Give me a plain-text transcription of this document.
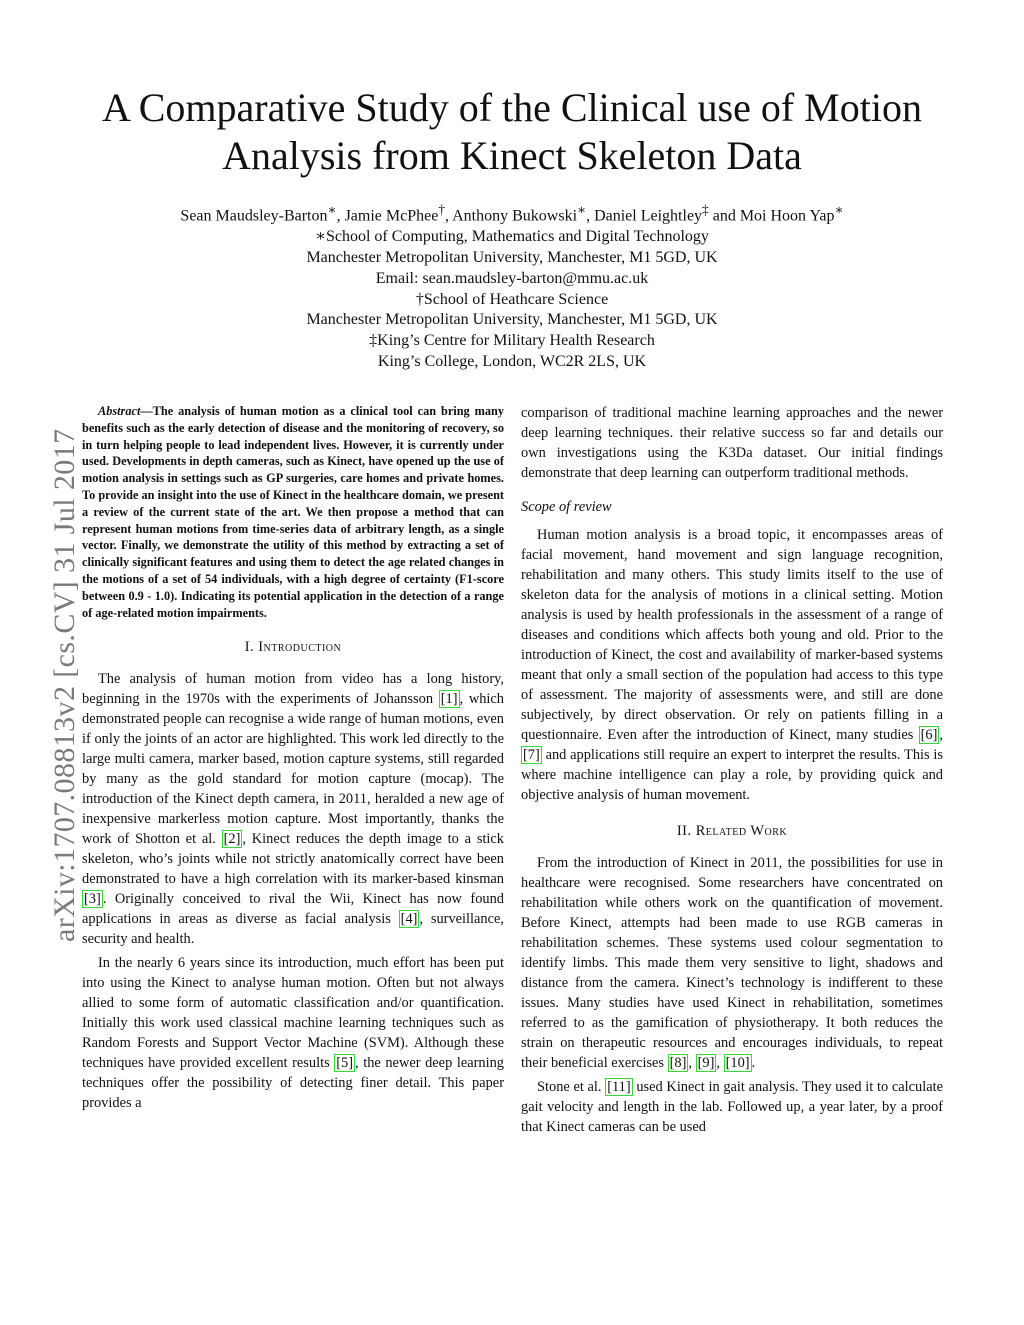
A Comparative Study of the Clinical use of Motion
Analysis from Kinect Skeleton Data
Sean Maudsley-Barton∗, Jamie McPhee†, Anthony Bukowski∗, Daniel Leightley‡ and Moi Hoon Yap∗
∗School of Computing, Mathematics and Digital Technology
Manchester Metropolitan University, Manchester, M1 5GD, UK
Email: sean.maudsley-barton@mmu.ac.uk
†School of Heathcare Science
Manchester Metropolitan University, Manchester, M1 5GD, UK
‡King’s Centre for Military Health Research
King’s College, London, WC2R 2LS, UK
arXiv:1707.08813v2 [cs.CV] 31 Jul 2017

Abstract—The analysis of human motion as a clinical tool can bring many benefits such as the early detection of disease and the monitoring of recovery, so in turn helping people to lead independent lives. However, it is currently under used. Developments in depth cameras, such as Kinect, have opened up the use of motion analysis in settings such as GP surgeries, care homes and private homes. To provide an insight into the use of Kinect in the healthcare domain, we present a review of the current state of the art. We then propose a method that can represent human motions from time-series data of arbitrary length, as a single vector. Finally, we demonstrate the utility of this method by extracting a set of clinically significant features and using them to detect the age related changes in the motions of a set of 54 individuals, with a high degree of certainty (F1-score between 0.9 - 1.0). Indicating its potential application in the detection of a range of age-related motion impairments.

I. Introduction

The analysis of human motion from video has a long history, beginning in the 1970s with the experiments of Johansson [1] , which demonstrated people can recognise a wide range of human motions, even if only the joints of an actor are highlighted. This work led directly to the large multi camera, marker based, motion capture systems, still regarded by many as the gold standard for motion capture (mocap). The introduction of the Kinect depth camera, in 2011, heralded a new age of inexpensive markerless motion capture. Most importantly, thanks the work of Shotton et al. [2] , Kinect reduces the depth image to a stick skeleton, who’s joints while not strictly anatomically correct have been demonstrated to have a high correlation with its marker-based kinsman [3] . Originally conceived to rival the Wii, Kinect has now found applications in areas as diverse as facial analysis [4] , surveillance, security and health.

In the nearly 6 years since its introduction, much effort has been put into using the Kinect to analyse human motion. Often but not always allied to some form of automatic classification and/or quantification. Initially this work used classical machine learning techniques such as Random Forests and Support Vector Machine (SVM). Although these techniques have provided excellent results [5] , the newer deep learning techniques offer the possibility of detecting finer detail. This paper provides a

comparison of traditional machine learning approaches and the newer deep learning techniques. their relative success so far and details our own investigations using the K3Da dataset. Our initial findings demonstrate that deep learning can outperform traditional methods.

Scope of review

Human motion analysis is a broad topic, it encompasses areas of facial movement, hand movement and sign language recognition, rehabilitation and many others. This study limits itself to the use of skeleton data for the analysis of motions in a clinical setting. Motion analysis is used by health professionals in the assessment of a range of diseases and conditions which affects both young and old. Prior to the introduction of Kinect, the cost and availability of marker-based systems meant that only a small section of the population had access to this type of assessment. The majority of assessments were, and still are done subjectively, by direct observation. Or rely on patients filling in a questionnaire. Even after the introduction of Kinect, many studies [6] , [7] and applications still require an expert to interpret the results. This is where machine intelligence can play a role, by providing quick and objective analysis of human movement.

II. Related Work

From the introduction of Kinect in 2011, the possibilities for use in healthcare were recognised. Some researchers have concentrated on rehabilitation while others work on the quantification of movement. Before Kinect, attempts had been made to use RGB cameras in rehabilitation schemes. These systems used colour segmentation to identify limbs. This made them very sensitive to light, shadows and distance from the camera. Kinect’s technology is indifferent to these issues. Many studies have used Kinect in rehabilitation, sometimes referred to as the gamification of physiotherapy. It both reduces the strain on therapeutic resources and encourages individuals, to repeat their beneficial exercises [8] , [9] , [10] .

Stone et al. [11] used Kinect in gait analysis. They used it to calculate gait velocity and length in the lab. Followed up, a year later, by a proof that Kinect cameras can be used
